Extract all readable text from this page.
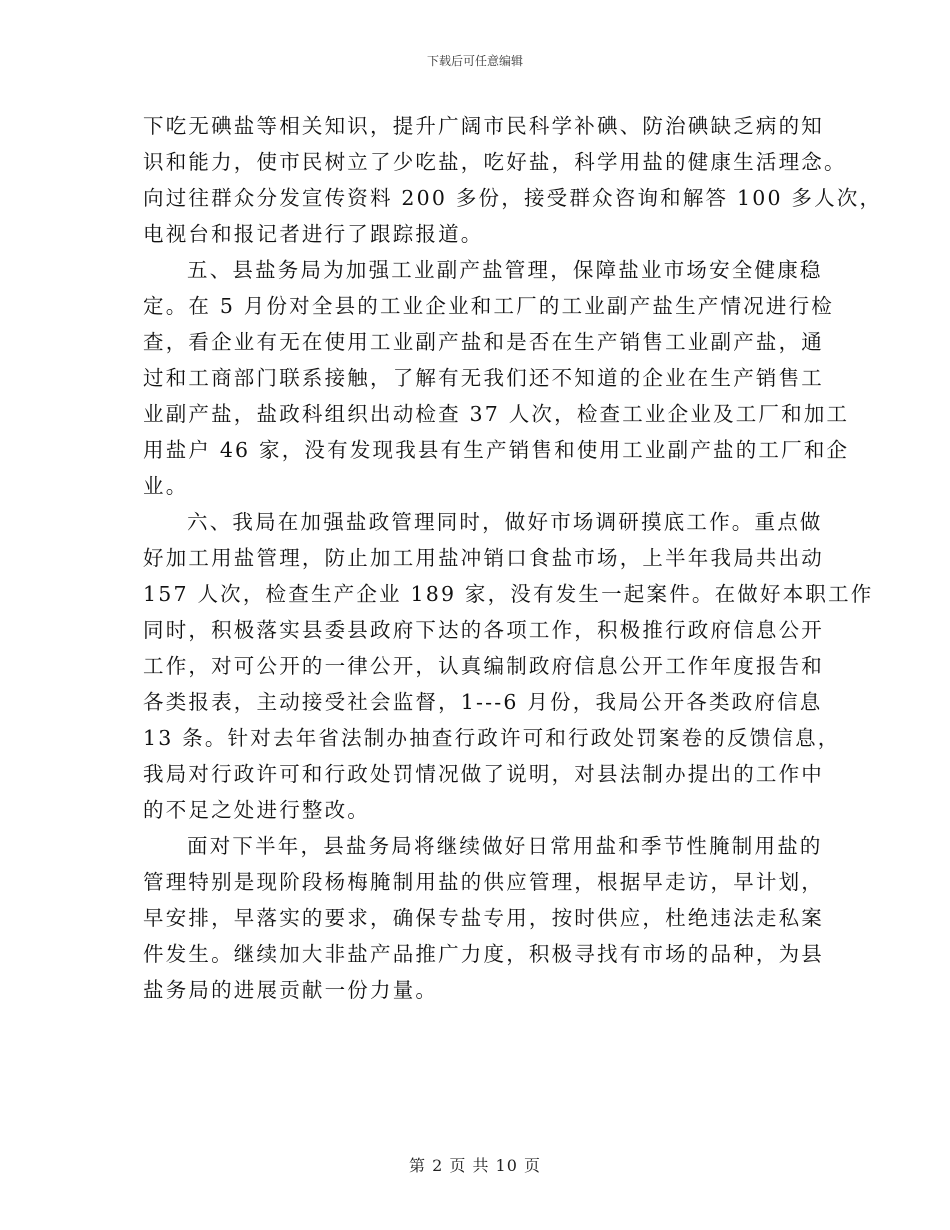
下载后可任意编辑
下吃无碘盐等相关知识，提升广阔市民科学补碘、防治碘缺乏病的知
识和能力，使市民树立了少吃盐，吃好盐，科学用盐的健康生活理念。
向过往群众分发宣传资料 200 多份，接受群众咨询和解答 100 多人次，
电视台和报记者进行了跟踪报道。
五、县盐务局为加强工业副产盐管理，保障盐业市场安全健康稳
定。在 5 月份对全县的工业企业和工厂的工业副产盐生产情况进行检
查，看企业有无在使用工业副产盐和是否在生产销售工业副产盐，通
过和工商部门联系接触，了解有无我们还不知道的企业在生产销售工
业副产盐，盐政科组织出动检查 37 人次，检查工业企业及工厂和加工
用盐户 46 家，没有发现我县有生产销售和使用工业副产盐的工厂和企
业。
六、我局在加强盐政管理同时，做好市场调研摸底工作。重点做
好加工用盐管理，防止加工用盐冲销口食盐市场，上半年我局共出动
157 人次，检查生产企业 189 家，没有发生一起案件。在做好本职工作
同时，积极落实县委县政府下达的各项工作，积极推行政府信息公开
工作，对可公开的一律公开，认真编制政府信息公开工作年度报告和
各类报表，主动接受社会监督，1---6 月份，我局公开各类政府信息
13 条。针对去年省法制办抽查行政许可和行政处罚案卷的反馈信息，
我局对行政许可和行政处罚情况做了说明，对县法制办提出的工作中
的不足之处进行整改。
面对下半年，县盐务局将继续做好日常用盐和季节性腌制用盐的
管理特别是现阶段杨梅腌制用盐的供应管理，根据早走访，早计划，
早安排，早落实的要求，确保专盐专用，按时供应，杜绝违法走私案
件发生。继续加大非盐产品推广力度，积极寻找有市场的品种，为县
盐务局的进展贡献一份力量。
第 2 页 共 10 页
